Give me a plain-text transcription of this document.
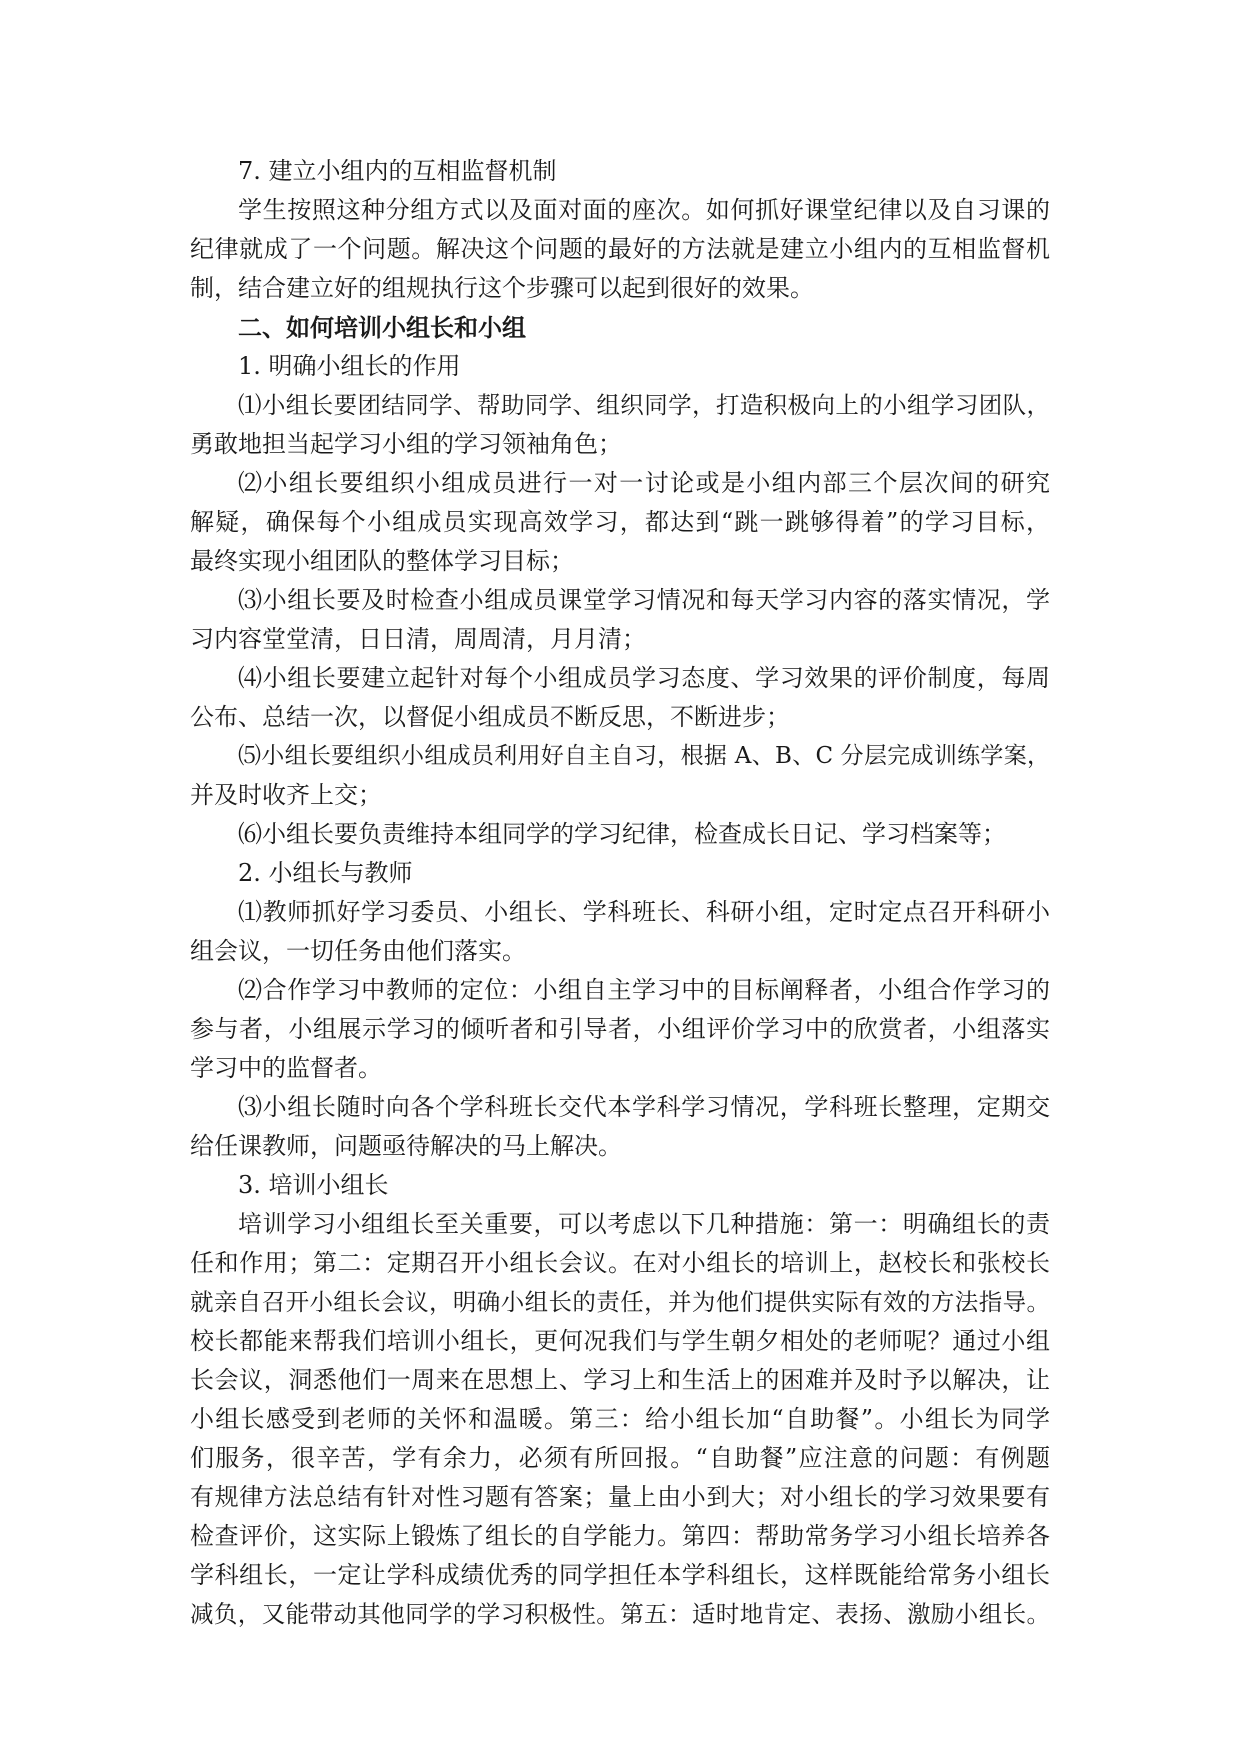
7. 建立小组内的互相监督机制
学生按照这种分组方式以及面对面的座次。如何抓好课堂纪律以及自习课的
纪律就成了一个问题。解决这个问题的最好的方法就是建立小组内的互相监督机
制，结合建立好的组规执行这个步骤可以起到很好的效果。
二、如何培训小组长和小组
1. 明确小组长的作用
⑴小组长要团结同学、帮助同学、组织同学，打造积极向上的小组学习团队，
勇敢地担当起学习小组的学习领袖角色；
⑵小组长要组织小组成员进行一对一讨论或是小组内部三个层次间的研究
解疑，确保每个小组成员实现高效学习，都达到“跳一跳够得着”的学习目标，
最终实现小组团队的整体学习目标；
⑶小组长要及时检查小组成员课堂学习情况和每天学习内容的落实情况，学
习内容堂堂清，日日清，周周清，月月清；
⑷小组长要建立起针对每个小组成员学习态度、学习效果的评价制度，每周
公布、总结一次，以督促小组成员不断反思，不断进步；
⑸小组长要组织小组成员利用好自主自习，根据 A、B、C 分层完成训练学案，
并及时收齐上交；
⑹小组长要负责维持本组同学的学习纪律，检查成长日记、学习档案等；
2. 小组长与教师
⑴教师抓好学习委员、小组长、学科班长、科研小组，定时定点召开科研小
组会议，一切任务由他们落实。
⑵合作学习中教师的定位：小组自主学习中的目标阐释者，小组合作学习的
参与者，小组展示学习的倾听者和引导者，小组评价学习中的欣赏者，小组落实
学习中的监督者。
⑶小组长随时向各个学科班长交代本学科学习情况，学科班长整理，定期交
给任课教师，问题亟待解决的马上解决。
3. 培训小组长
培训学习小组组长至关重要，可以考虑以下几种措施：第一：明确组长的责
任和作用；第二：定期召开小组长会议。在对小组长的培训上，赵校长和张校长
就亲自召开小组长会议，明确小组长的责任，并为他们提供实际有效的方法指导。
校长都能来帮我们培训小组长，更何况我们与学生朝夕相处的老师呢？通过小组
长会议，洞悉他们一周来在思想上、学习上和生活上的困难并及时予以解决，让
小组长感受到老师的关怀和温暖。第三：给小组长加“自助餐”。小组长为同学
们服务，很辛苦，学有余力，必须有所回报。“自助餐”应注意的问题：有例题
有规律方法总结有针对性习题有答案；量上由小到大；对小组长的学习效果要有
检查评价，这实际上锻炼了组长的自学能力。第四：帮助常务学习小组长培养各
学科组长，一定让学科成绩优秀的同学担任本学科组长，这样既能给常务小组长
减负，又能带动其他同学的学习积极性。第五：适时地肯定、表扬、激励小组长。
